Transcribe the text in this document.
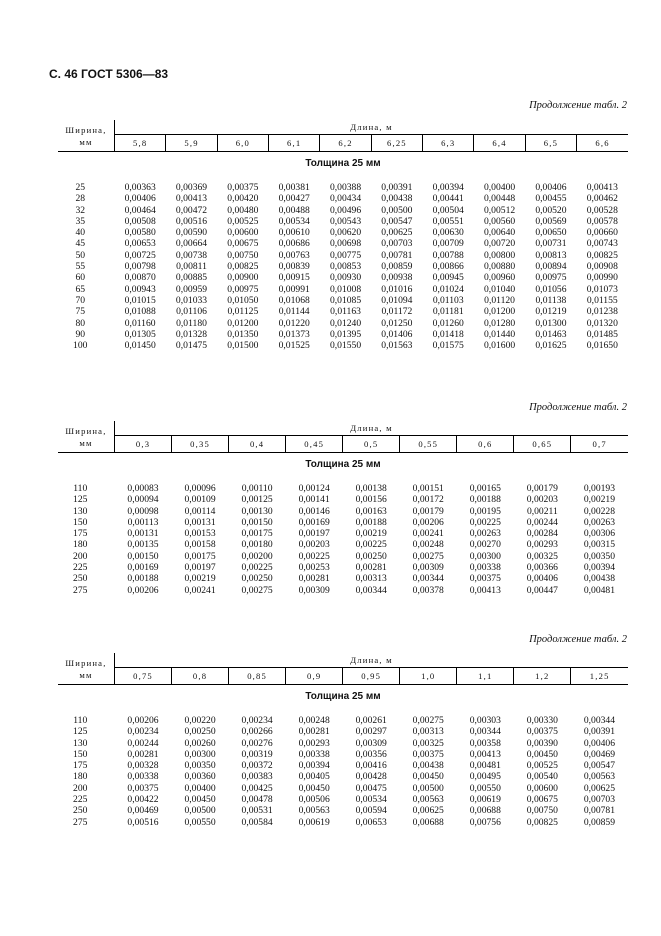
С. 46 ГОСТ 5306—83
Продолжение табл. 2
Ширина,
мм	Длина, м									
	5,8	5,9	6,0	6,1	6,2	6,25	6,3	6,4	6,5	6,6
Толщина 25 мм										

25	0,00363	0,00369	0,00375	0,00381	0,00388	0,00391	0,00394	0,00400	0,00406	0,00413
28	0,00406	0,00413	0,00420	0,00427	0,00434	0,00438	0,00441	0,00448	0,00455	0,00462
32	0,00464	0,00472	0,00480	0,00488	0,00496	0,00500	0,00504	0,00512	0,00520	0,00528
35	0,00508	0,00516	0,00525	0,00534	0,00543	0,00547	0,00551	0,00560	0,00569	0,00578
40	0,00580	0,00590	0,00600	0,00610	0,00620	0,00625	0,00630	0,00640	0,00650	0,00660
45	0,00653	0,00664	0,00675	0,00686	0,00698	0,00703	0,00709	0,00720	0,00731	0,00743
50	0,00725	0,00738	0,00750	0,00763	0,00775	0,00781	0,00788	0,00800	0,00813	0,00825
55	0,00798	0,00811	0,00825	0,00839	0,00853	0,00859	0,00866	0,00880	0,00894	0,00908
60	0,00870	0,00885	0,00900	0,00915	0,00930	0,00938	0,00945	0,00960	0,00975	0,00990
65	0,00943	0,00959	0,00975	0,00991	0,01008	0,01016	0,01024	0,01040	0,01056	0,01073
70	0,01015	0,01033	0,01050	0,01068	0,01085	0,01094	0,01103	0,01120	0,01138	0,01155
75	0,01088	0,01106	0,01125	0,01144	0,01163	0,01172	0,01181	0,01200	0,01219	0,01238
80	0,01160	0,01180	0,01200	0,01220	0,01240	0,01250	0,01260	0,01280	0,01300	0,01320
90	0,01305	0,01328	0,01350	0,01373	0,01395	0,01406	0,01418	0,01440	0,01463	0,01485
100	0,01450	0,01475	0,01500	0,01525	0,01550	0,01563	0,01575	0,01600	0,01625	0,01650
Продолжение табл. 2
Ширина,
мм	Длина, м								
	0,3	0,35	0,4	0,45	0,5	0,55	0,6	0,65	0,7
Толщина 25 мм									

110	0,00083	0,00096	0,00110	0,00124	0,00138	0,00151	0,00165	0,00179	0,00193
125	0,00094	0,00109	0,00125	0,00141	0,00156	0,00172	0,00188	0,00203	0,00219
130	0,00098	0,00114	0,00130	0,00146	0,00163	0,00179	0,00195	0,00211	0,00228
150	0,00113	0,00131	0,00150	0,00169	0,00188	0,00206	0,00225	0,00244	0,00263
175	0,00131	0,00153	0,00175	0,00197	0,00219	0,00241	0,00263	0,00284	0,00306
180	0,00135	0,00158	0,00180	0,00203	0,00225	0,00248	0,00270	0,00293	0,00315
200	0,00150	0,00175	0,00200	0,00225	0,00250	0,00275	0,00300	0,00325	0,00350
225	0,00169	0,00197	0,00225	0,00253	0,00281	0,00309	0,00338	0,00366	0,00394
250	0,00188	0,00219	0,00250	0,00281	0,00313	0,00344	0,00375	0,00406	0,00438
275	0,00206	0,00241	0,00275	0,00309	0,00344	0,00378	0,00413	0,00447	0,00481
Продолжение табл. 2
Ширина,
мм	Длина, м								
	0,75	0,8	0,85	0,9	0,95	1,0	1,1	1,2	1,25
Толщина 25 мм									

110	0,00206	0,00220	0,00234	0,00248	0,00261	0,00275	0,00303	0,00330	0,00344
125	0,00234	0,00250	0,00266	0,00281	0,00297	0,00313	0,00344	0,00375	0,00391
130	0,00244	0,00260	0,00276	0,00293	0,00309	0,00325	0,00358	0,00390	0,00406
150	0,00281	0,00300	0,00319	0,00338	0,00356	0,00375	0,00413	0,00450	0,00469
175	0,00328	0,00350	0,00372	0,00394	0,00416	0,00438	0,00481	0,00525	0,00547
180	0,00338	0,00360	0,00383	0,00405	0,00428	0,00450	0,00495	0,00540	0,00563
200	0,00375	0,00400	0,00425	0,00450	0,00475	0,00500	0,00550	0,00600	0,00625
225	0,00422	0,00450	0,00478	0,00506	0,00534	0,00563	0,00619	0,00675	0,00703
250	0,00469	0,00500	0,00531	0,00563	0,00594	0,00625	0,00688	0,00750	0,00781
275	0,00516	0,00550	0,00584	0,00619	0,00653	0,00688	0,00756	0,00825	0,00859
